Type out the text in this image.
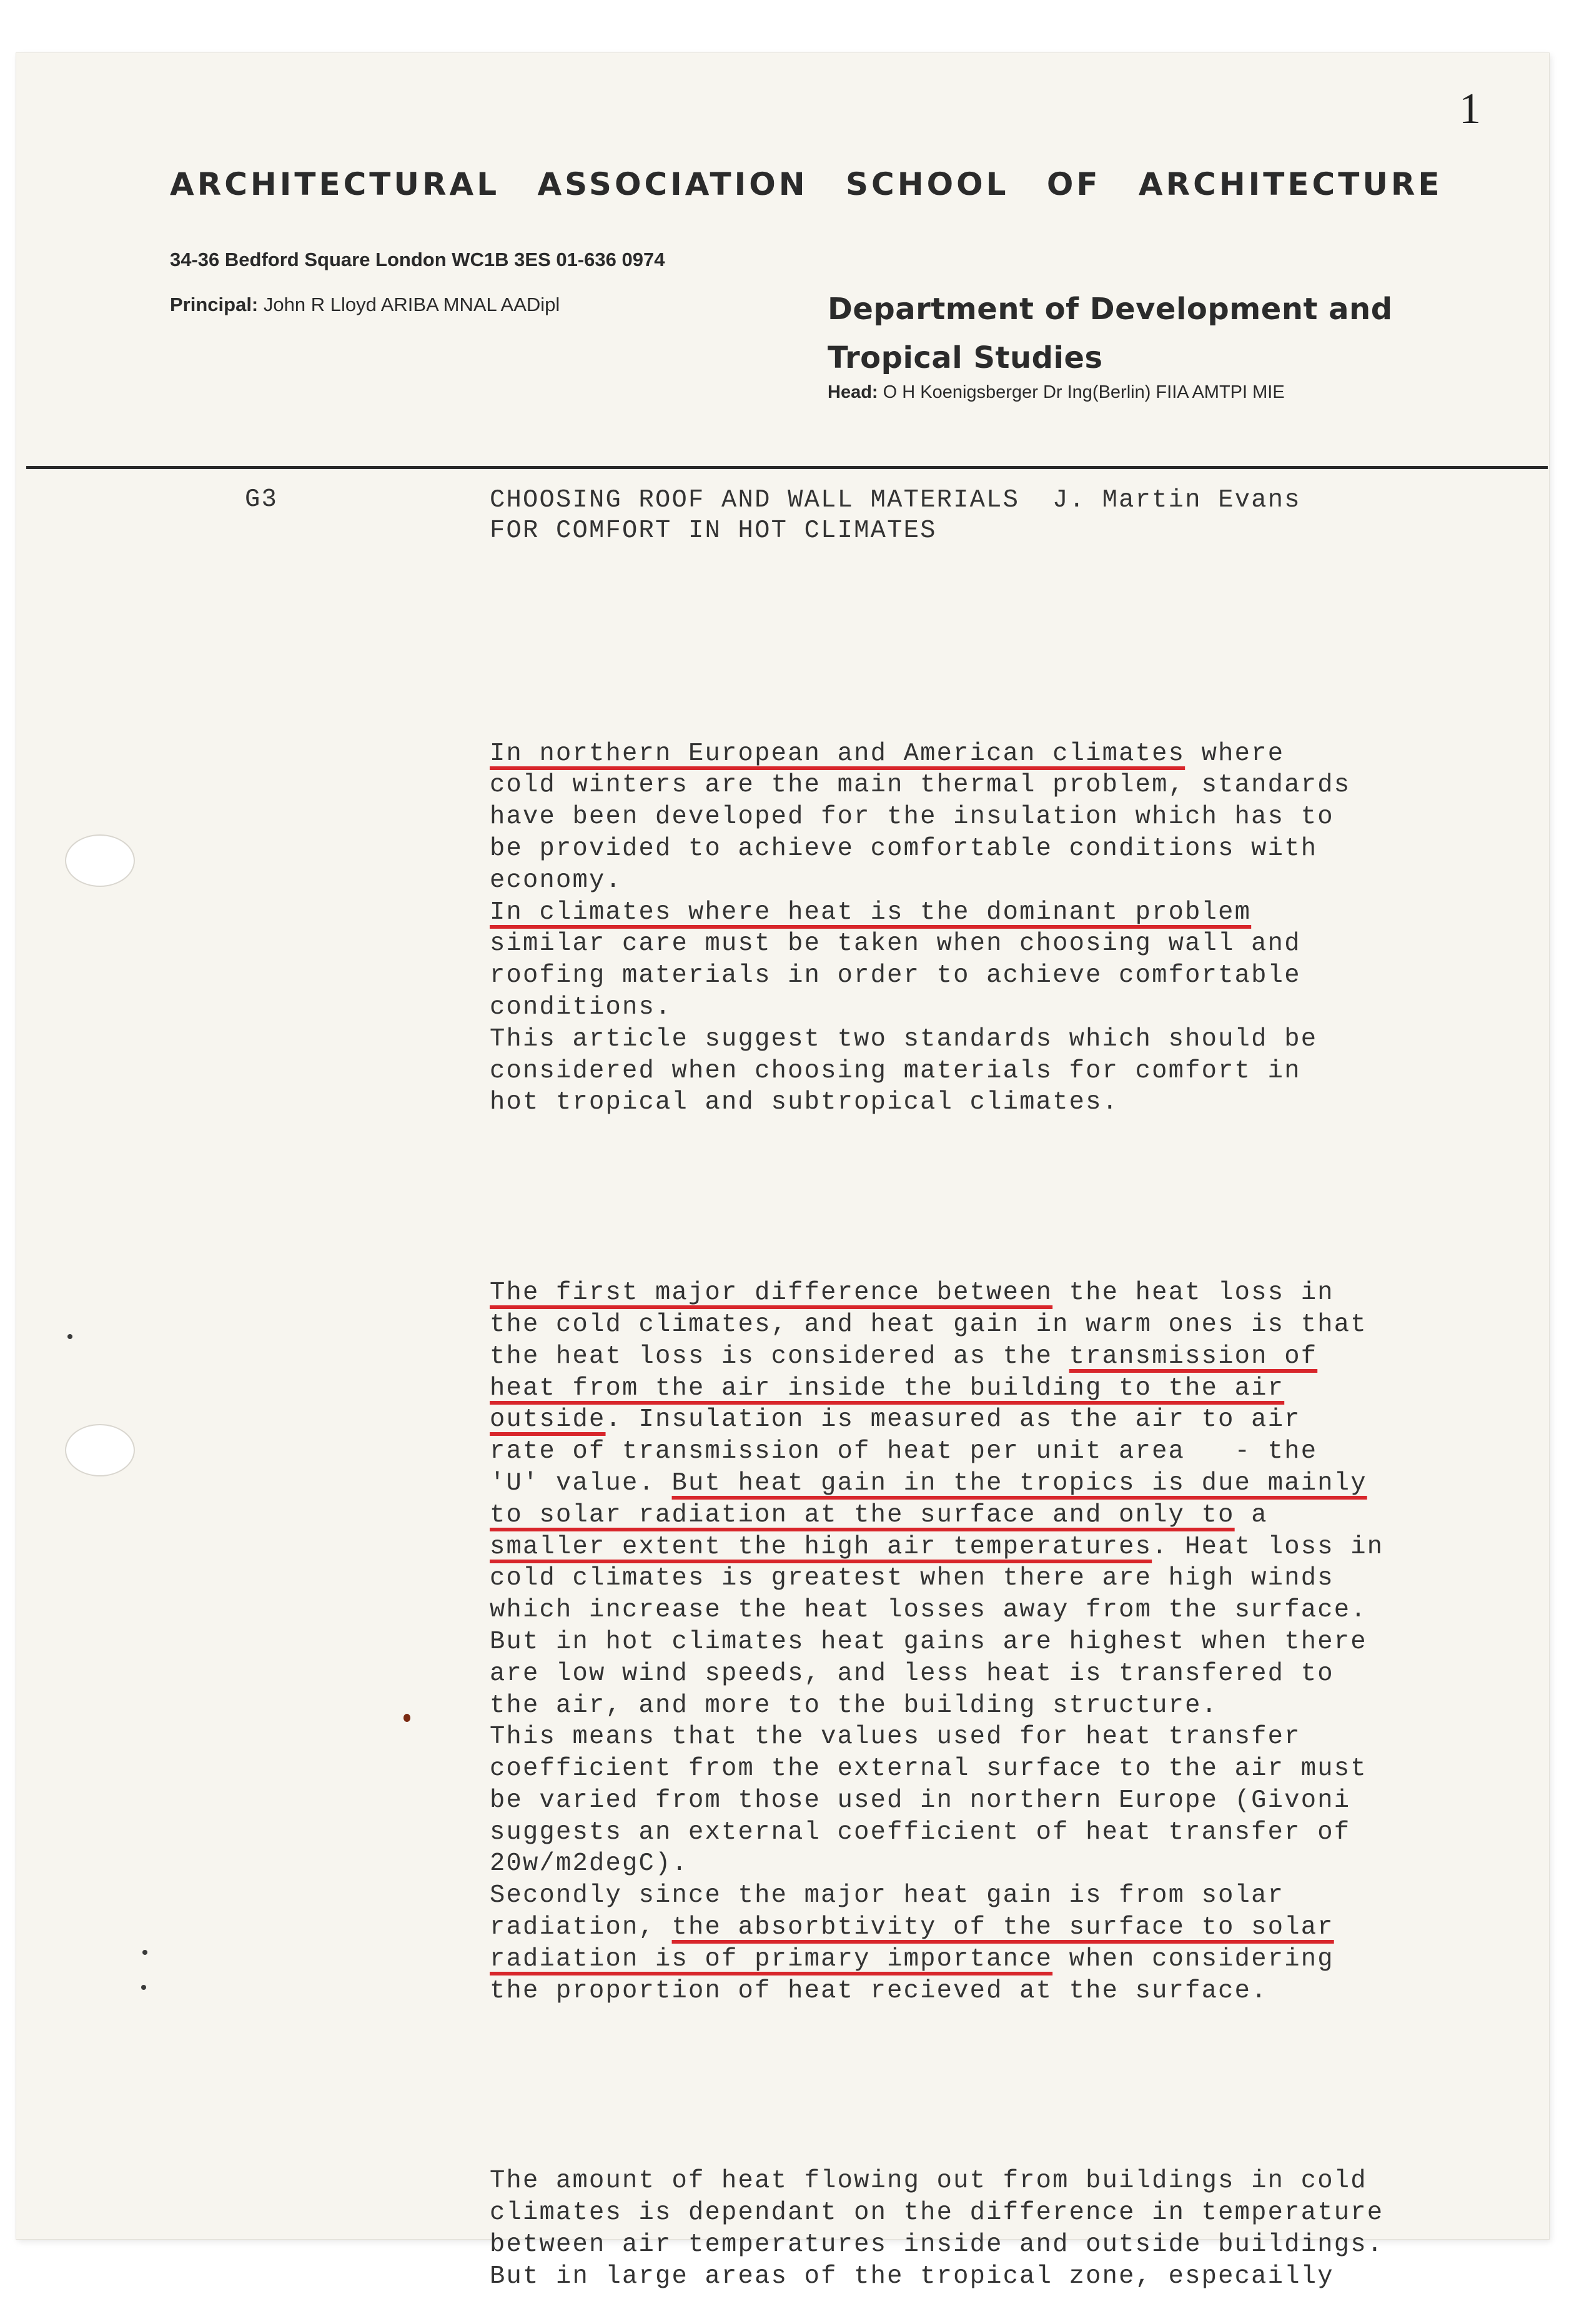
1
ARCHITECTURAL ASSOCIATION SCHOOL OF ARCHITECTURE
34-36 Bedford Square London WC1B 3ES 01-636 0974
Principal: John R Lloyd ARIBA MNAL AADipl	Department of Development and
Tropical Studies
Head: O H Koenigsberger Dr Ing(Berlin) FIIA AMTPI MIE
G3	CHOOSING ROOF AND WALL MATERIALS J. Martin Evans
FOR COMFORT IN HOT CLIMATES

In northern European and American climates where
cold winters are the main thermal problem, standards
have been developed for the insulation which has to
be provided to achieve comfortable conditions with
economy.
In climates where heat is the dominant problem
similar care must be taken when choosing wall and
roofing materials in order to achieve comfortable
conditions.
This article suggest two standards which should be
considered when choosing materials for comfort in
hot tropical and subtropical climates.

The first major difference between the heat loss in
the cold climates, and heat gain in warm ones is that
the heat loss is considered as the transmission of
heat from the air inside the building to the air
outside. Insulation is measured as the air to air
rate of transmission of heat per unit area   - the
'U' value. But heat gain in the tropics is due mainly
to solar radiation at the surface and only to a
smaller extent the high air temperatures. Heat loss in
cold climates is greatest when there are high winds
which increase the heat losses away from the surface.
But in hot climates heat gains are highest when there
are low wind speeds, and less heat is transfered to
the air, and more to the building structure.
This means that the values used for heat transfer
coefficient from the external surface to the air must
be varied from those used in northern Europe (Givoni
suggests an external coefficient of heat transfer of
20w/m2degC).
Secondly since the major heat gain is from solar
radiation, the absorbtivity of the surface to solar
radiation is of primary importance when considering
the proportion of heat recieved at the surface.

The amount of heat flowing out from buildings in cold
climates is dependant on the difference in temperature
between air temperatures inside and outside buildings.
But in large areas of the tropical zone, especailly
